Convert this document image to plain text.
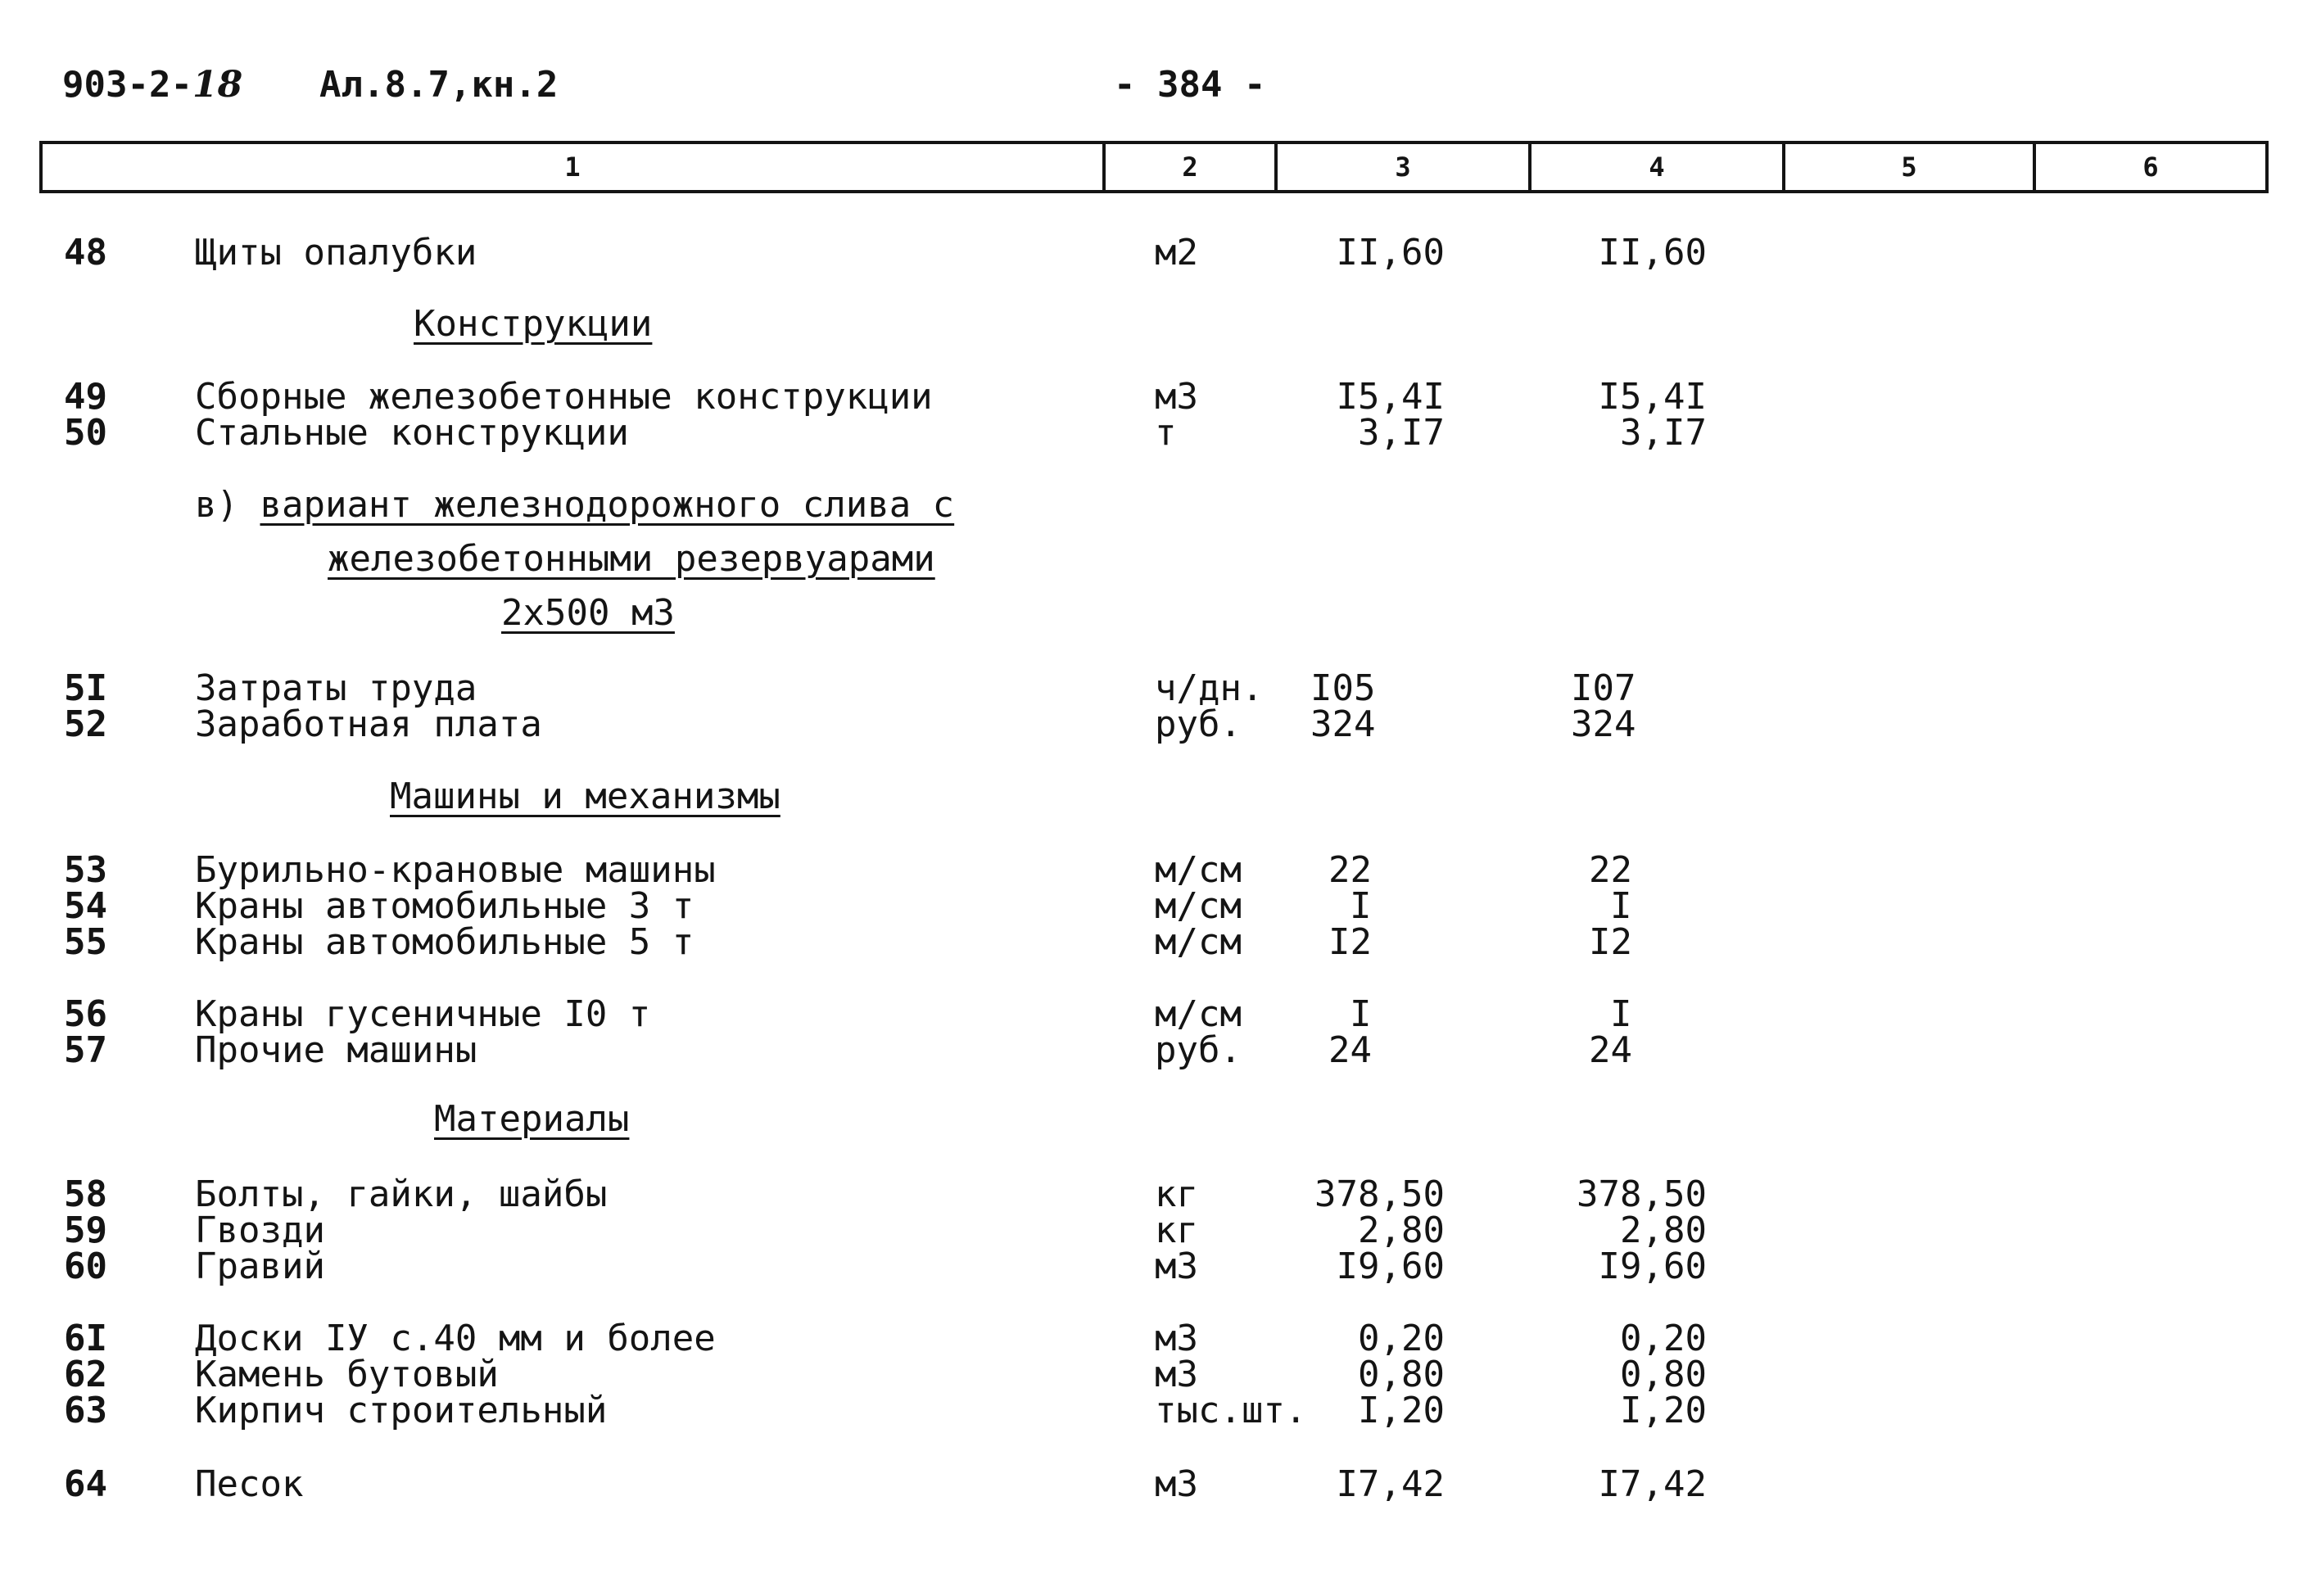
903-2-18 Ал.8.7,кн.2	- 384 -
1	2	3	4	5	6
48 Щиты опалубки	м2	II,60	II,60
Конструкции
49 Сборные железобетонные конструкции	м3	I5,4I	I5,4I
50 Стальные конструкции	т	3,I7	3,I7
в) вариант железнодорожного слива с
железобетонными резервуарами
2х500 м3
5I Затраты труда	ч/дн. I05	I07
52 Заработная плата	руб. 324	324
Машины и механизмы
53 Бурильно-крановые машины	м/см 22	22
54 Краны автомобильные 3 т	м/см	I	I
55 Краны автомобильные 5 т	м/см I2	I2
56 Краны гусеничные I0 т	м/см	I	I
57 Прочие машины	руб. 24	24
Материалы
58 Болты, гайки, шайбы	кг	378,50	378,50
59 Гвозди	кг	2,80	2,80
60 Гравий	м3	I9,60	I9,60
6I Доски IУ с.40 мм и более	м3	0,20	0,20
62 Камень бутовый	м3	0,80	0,80
63 Кирпич строительный	тыс.шт. I,20	I,20
64 Песок	м3	I7,42	I7,42
